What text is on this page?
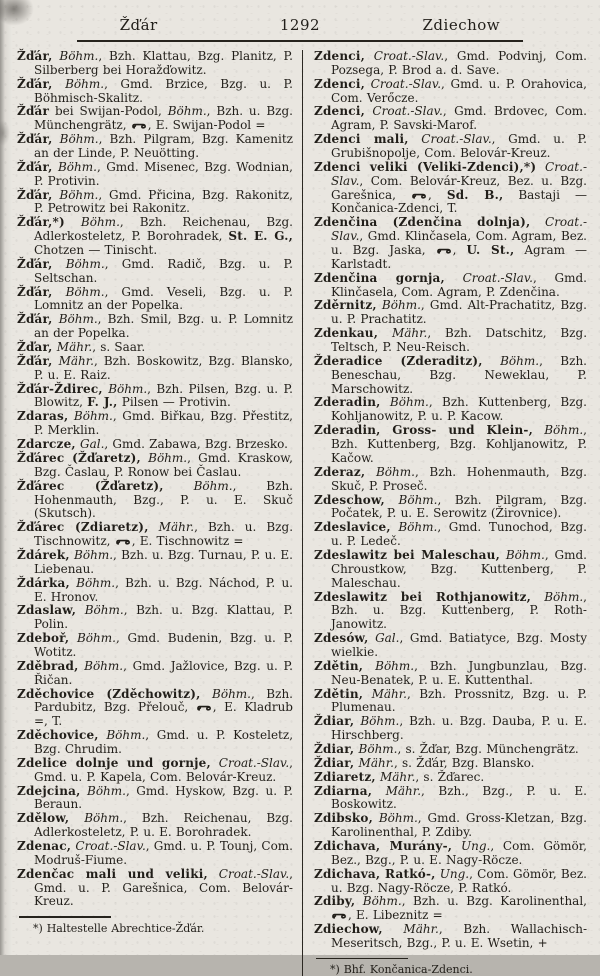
Žďár	1292	Zdiechow

Žďár, Böhm., Bzh. Klattau, Bzg. Planitz, P. Silberberg bei Horažďowitz.

Žďár, Böhm., Gmd. Brzice, Bzg. u. P. Böhmisch-Skalitz.

Žďár bei Swijan-Podol, Böhm., Bzh. u. Bzg. Münchengrätz, , E. Swijan-Podol =

Žďár, Böhm., Bzh. Pilgram, Bzg. Kamenitz an der Linde, P. Neuötting.

Žďár, Böhm., Gmd. Misenec, Bzg. Wodnian, P. Protivin.

Žďár, Böhm., Gmd. Přicina, Bzg. Rakonitz, P. Petrowitz bei Rakonitz.

Žďár,*) Böhm., Bzh. Reichenau, Bzg. Adlerkosteletz, P. Borohradek, St. E. G., Chotzen — Tinischt.

Žďár, Böhm., Gmd. Radič, Bzg. u. P. Seltschan.

Žďár, Böhm., Gmd. Veseli, Bzg. u. P. Lomnitz an der Popelka.

Žďár, Böhm., Bzh. Smil, Bzg. u. P. Lomnitz an der Popelka.

Žďar, Mähr., s. Saar.

Žďár, Mähr., Bzh. Boskowitz, Bzg. Blansko, P. u. E. Raiz.

Žďár-Ždirec, Böhm., Bzh. Pilsen, Bzg. u. P. Blowitz, F. J., Pilsen — Protivin.

Zdaras, Böhm., Gmd. Biřkau, Bzg. Přestitz, P. Merklin.

Zdarcze, Gal., Gmd. Zabawa, Bzg. Brzesko.

Žďárec (Žďaretz), Böhm., Gmd. Kraskow, Bzg. Časlau, P. Ronow bei Časlau.

Žďárec (Žďaretz), Böhm., Bzh. Hohenmauth, Bzg., P. u. E. Skuč (Skutsch).

Žďárec (Zdiaretz), Mähr., Bzh. u. Bzg. Tischnowitz, , E. Tischnowitz =

Ždárek, Böhm., Bzh. u. Bzg. Turnau, P. u. E. Liebenau.

Ždárka, Böhm., Bzh. u. Bzg. Náchod, P. u. E. Hronov.

Zdaslaw, Böhm., Bzh. u. Bzg. Klattau, P. Polin.

Zdeboř, Böhm., Gmd. Budenin, Bzg. u. P. Wotitz.

Zděbrad, Böhm., Gmd. Jažlovice, Bzg. u. P. Řičan.

Zděchovice (Zděchowitz), Böhm., Bzh. Pardubitz, Bzg. Přelouč, , E. Kladrub =, T.

Zděchovice, Böhm., Gmd. u. P. Kosteletz, Bzg. Chrudim.

Zdelice dolnje und gornje, Croat.-Slav., Gmd. u. P. Kapela, Com. Belovár-Kreuz.

Zdejcina, Böhm., Gmd. Hyskow, Bzg. u. P. Beraun.

Zdělow, Böhm., Bzh. Reichenau, Bzg. Adlerkosteletz, P. u. E. Borohradek.

Zdenac, Croat.-Slav., Gmd. u. P. Tounj, Com. Modruš-Fiume.

Zdenčac mali und veliki, Croat.-Slav., Gmd. u. P. Garešnica, Com. Belovár-Kreuz.

*) Haltestelle Abrechtice-Žďár.

Zdenci, Croat.-Slav., Gmd. Podvinj, Com. Pozsega, P. Brod a. d. Save.

Zdenci, Croat.-Slav., Gmd. u. P. Orahovica, Com. Verőcze.

Zdenci, Croat.-Slav., Gmd. Brdovec, Com. Agram, P. Savski-Marof.

Zdenci mali, Croat.-Slav., Gmd. u. P. Grubišnopolje, Com. Belovár-Kreuz.

Zdenci veliki (Veliki-Zdenci),*) Croat.-Slav., Com. Belovár-Kreuz, Bez. u. Bzg. Garešnica, , Sd. B., Bastaji — Končanica-Zdenci, T.

Zdenčina (Zdenčina dolnja), Croat.-Slav., Gmd. Klinčasela, Com. Agram, Bez. u. Bzg. Jaska, , U. St., Agram — Karlstadt.

Zdenčina gornja, Croat.-Slav., Gmd. Klinčasela, Com. Agram, P. Zdenčina.

Zděrnitz, Böhm., Gmd. Alt-Prachatitz, Bzg. u. P. Prachatitz.

Zdenkau, Mähr., Bzh. Datschitz, Bzg. Teltsch, P. Neu-Reisch.

Žderadice (Zderaditz), Böhm., Bzh. Beneschau, Bzg. Neweklau, P. Marschowitz.

Zderadin, Böhm., Bzh. Kuttenberg, Bzg. Kohljanowitz, P. u. P. Kacow.

Zderadin, Gross- und Klein-, Böhm., Bzh. Kuttenberg, Bzg. Kohljanowitz, P. Kačow.

Zderaz, Böhm., Bzh. Hohenmauth, Bzg. Skuč, P. Proseč.

Zdeschow, Böhm., Bzh. Pilgram, Bzg. Počatek, P. u. E. Serowitz (Žirovnice).

Zdeslavice, Böhm., Gmd. Tunochod, Bzg. u. P. Ledeč.

Zdeslawitz bei Maleschau, Böhm., Gmd. Chroustkow, Bzg. Kuttenberg, P. Maleschau.

Zdeslawitz bei Rothjanowitz, Böhm., Bzh. u. Bzg. Kuttenberg, P. Roth-Janowitz.

Zdesów, Gal., Gmd. Batiatyce, Bzg. Mosty wielkie.

Zdětin, Böhm., Bzh. Jungbunzlau, Bzg. Neu-Benatek, P. u. E. Kuttenthal.

Zdětin, Mähr., Bzh. Prossnitz, Bzg. u. P. Plumenau.

Ždiar, Böhm., Bzh. u. Bzg. Dauba, P. u. E. Hirschberg.

Ždiar, Böhm., s. Žďar, Bzg. Münchengrätz.

Ždiar, Mähr., s. Žďár, Bzg. Blansko.

Zdiaretz, Mähr., s. Žďarec.

Zdiarna, Mähr., Bzh., Bzg., P. u. E. Boskowitz.

Zdibsko, Böhm., Gmd. Gross-Kletzan, Bzg. Karolinenthal, P. Zdiby.

Zdichava, Murány-, Ung., Com. Gömör, Bez., Bzg., P. u. E. Nagy-Röcze.

Zdichava, Ratkó-, Ung., Com. Gömör, Bez. u. Bzg. Nagy-Röcze, P. Ratkó.

Zdiby, Böhm., Bzh. u. Bzg. Karolinenthal, , E. Libeznitz =

Zdiechow, Mähr., Bzh. Wallachisch-Meseritsch, Bzg., P. u. E. Wsetin, +

*) Bhf. Končanica-Zdenci.
